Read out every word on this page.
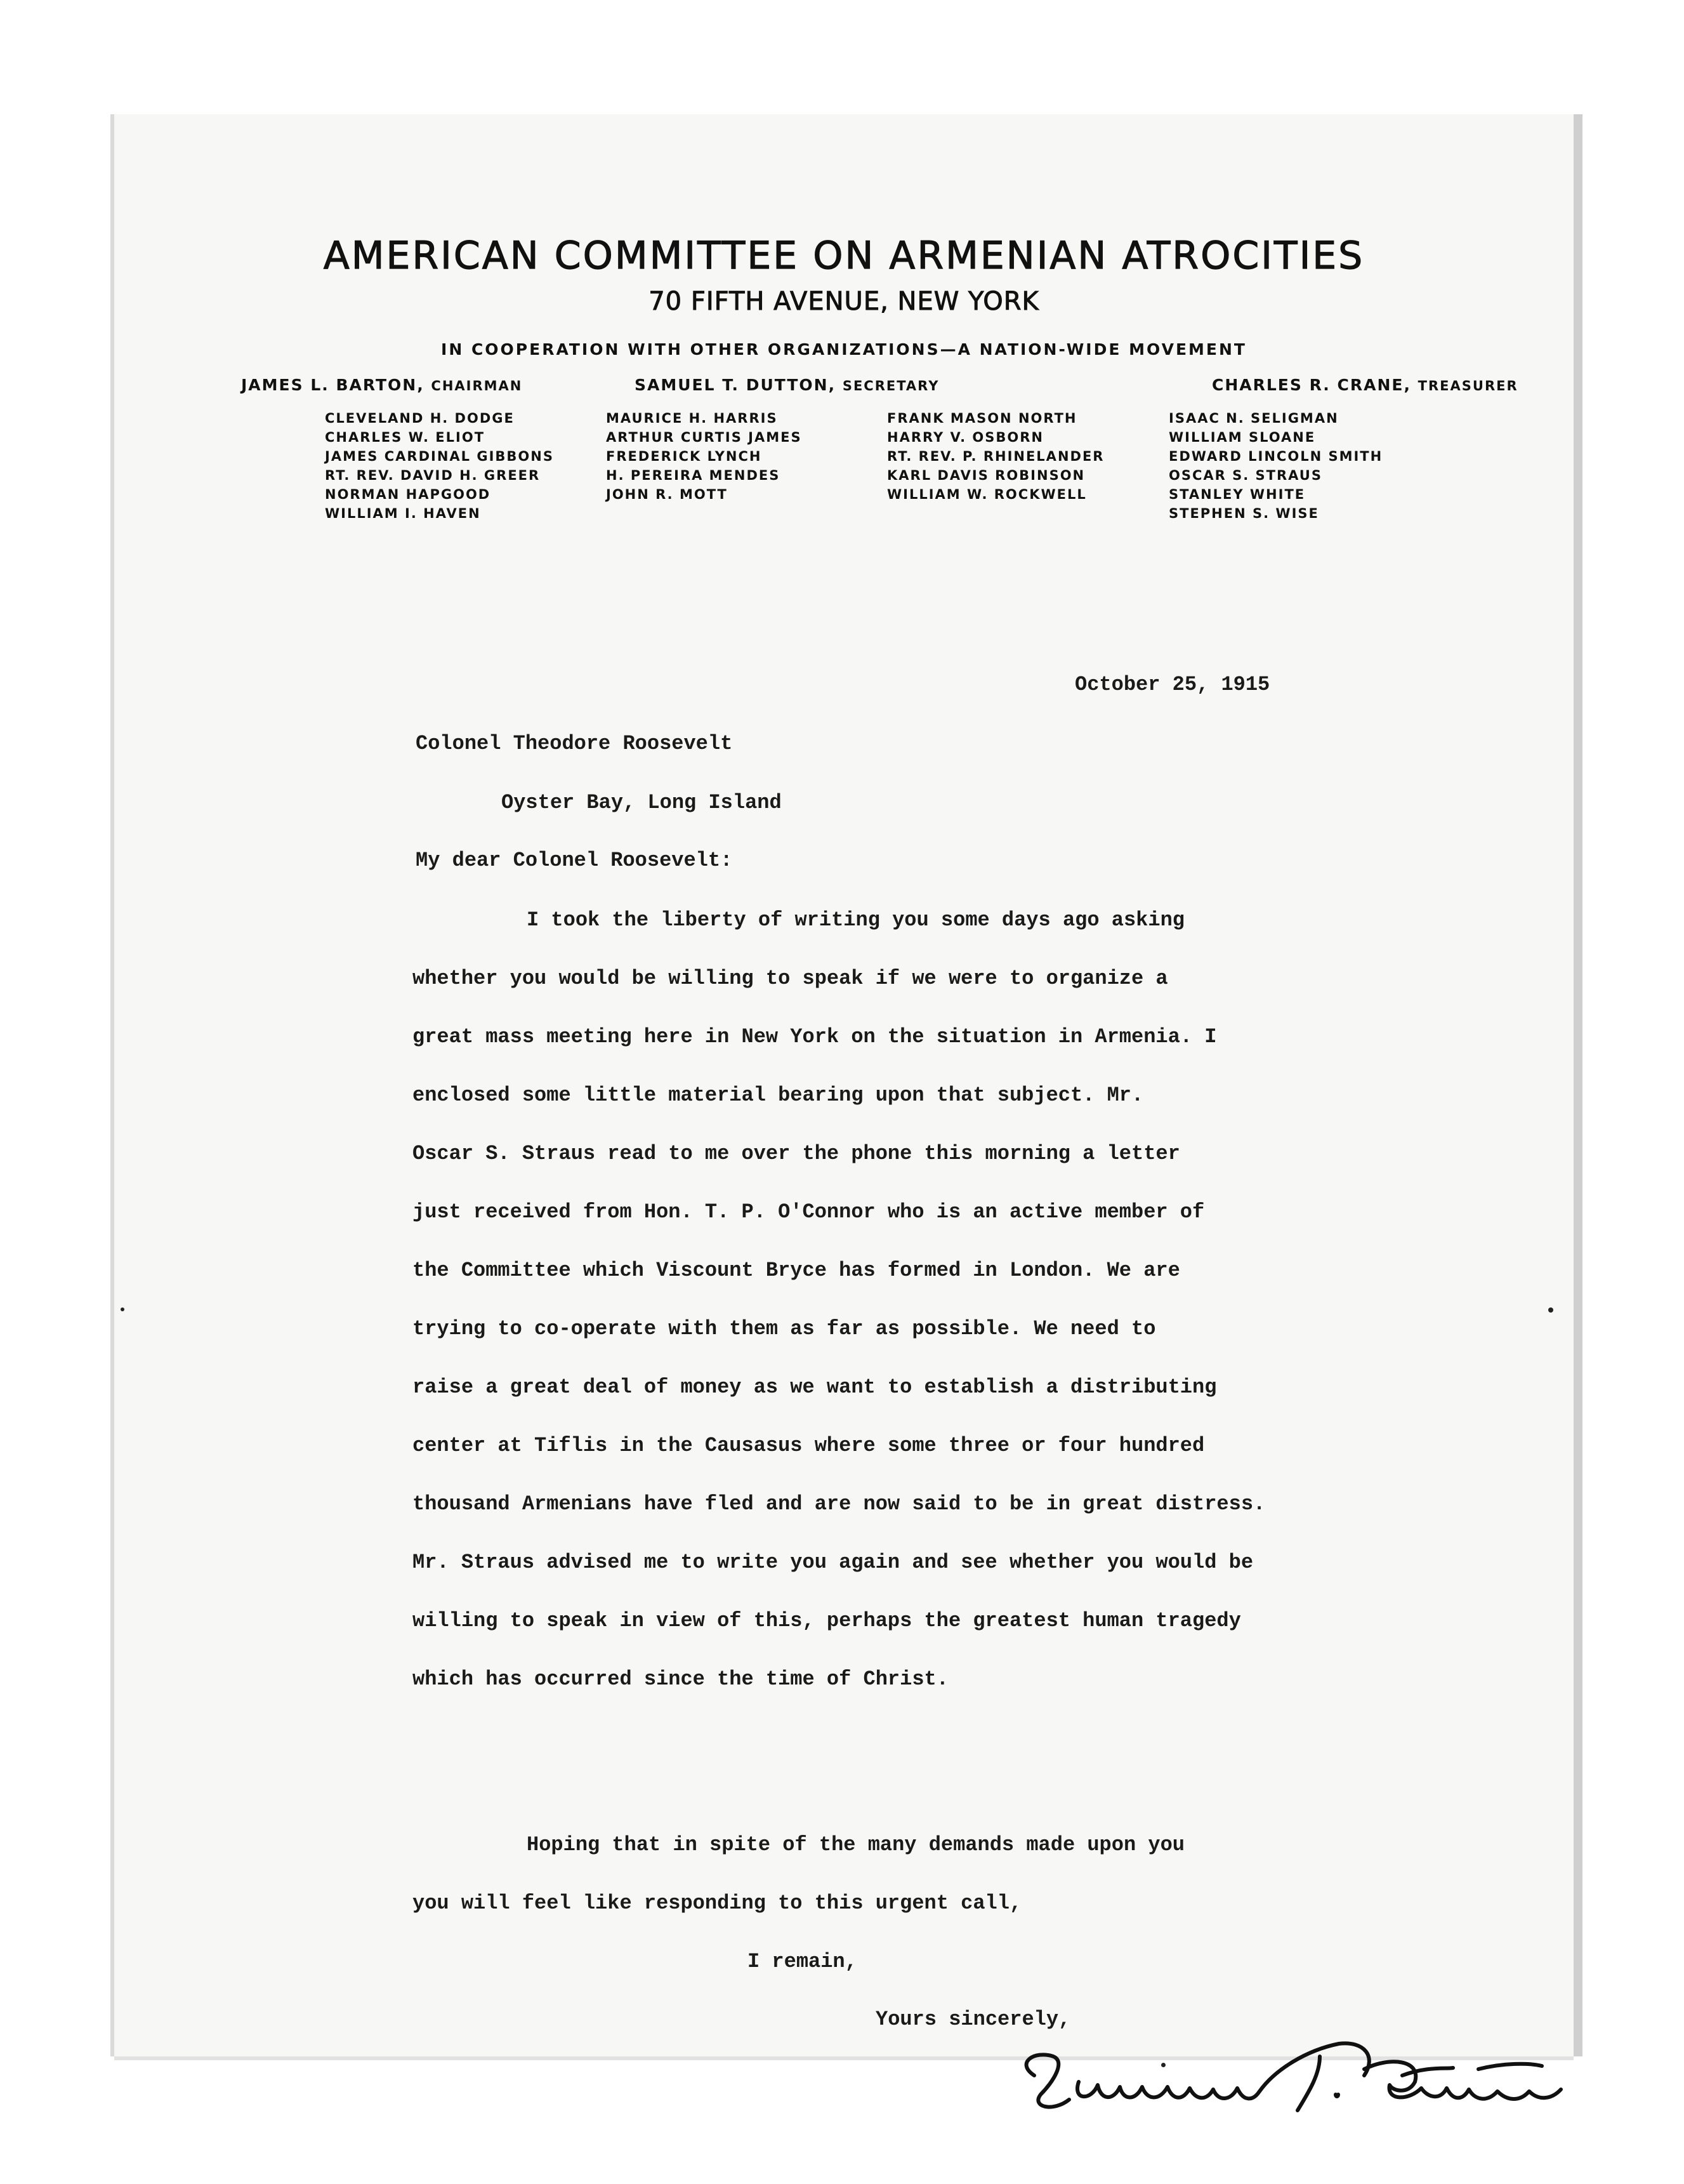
AMERICAN COMMITTEE ON ARMENIAN ATROCITIES
70 FIFTH AVENUE, NEW YORK
IN COOPERATION WITH OTHER ORGANIZATIONS—A NATION-WIDE MOVEMENT
JAMES L. BARTON, CHAIRMAN	SAMUEL T. DUTTON, SECRETARY	CHARLES R. CRANE, TREASURER
CLEVELAND H. DODGE
CHARLES W. ELIOT
JAMES CARDINAL GIBBONS
RT. REV. DAVID H. GREER
NORMAN HAPGOOD
WILLIAM I. HAVEN
MAURICE H. HARRIS
ARTHUR CURTIS JAMES
FREDERICK LYNCH
H. PEREIRA MENDES
JOHN R. MOTT
FRANK MASON NORTH
HARRY V. OSBORN
RT. REV. P. RHINELANDER
KARL DAVIS ROBINSON
WILLIAM W. ROCKWELL
ISAAC N. SELIGMAN
WILLIAM SLOANE
EDWARD LINCOLN SMITH
OSCAR S. STRAUS
STANLEY WHITE
STEPHEN S. WISE
October 25, 1915
Colonel Theodore Roosevelt
Oyster Bay, Long Island
My dear Colonel Roosevelt:
I took the liberty of writing you some days ago asking
whether you would be willing to speak if we were to organize a
great mass meeting here in New York on the situation in Armenia. I
enclosed some little material bearing upon that subject. Mr.
Oscar S. Straus read to me over the phone this morning a letter
just received from Hon. T. P. O'Connor who is an active member of
the Committee which Viscount Bryce has formed in London. We are
trying to co-operate with them as far as possible. We need to
raise a great deal of money as we want to establish a distributing
center at Tiflis in the Causasus where some three or four hundred
thousand Armenians have fled and are now said to be in great distress.
Mr. Straus advised me to write you again and see whether you would be
willing to speak in view of this, perhaps the greatest human tragedy
which has occurred since the time of Christ.
Hoping that in spite of the many demands made upon you
you will feel like responding to this urgent call,
I remain,
Yours sincerely,
